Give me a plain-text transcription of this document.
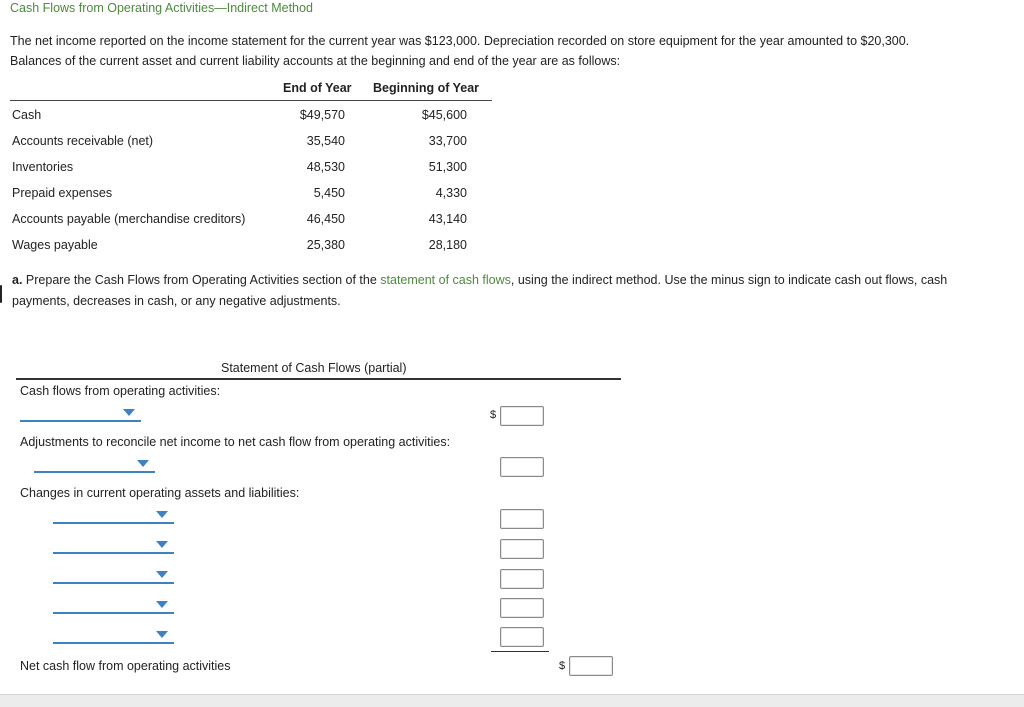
Cash Flows from Operating Activities—Indirect Method
The net income reported on the income statement for the current year was $123,000. Depreciation recorded on store equipment for the year amounted to $20,300.
Balances of the current asset and current liability accounts at the beginning and end of the year are as follows:
End of Year Beginning of Year
Cash	$49,570	$45,600
Accounts receivable (net)	35,540	33,700
Inventories	48,530	51,300
Prepaid expenses	5,450	4,330
Accounts payable (merchandise creditors)	46,450	43,140
Wages payable	25,380	28,180
a. Prepare the Cash Flows from Operating Activities section of the statement of cash flows, using the indirect method. Use the minus sign to indicate cash out flows, cash
payments, decreases in cash, or any negative adjustments.
Statement of Cash Flows (partial)
Cash flows from operating activities:
$
Adjustments to reconcile net income to net cash flow from operating activities:
Changes in current operating assets and liabilities:
Net cash flow from operating activities	$
